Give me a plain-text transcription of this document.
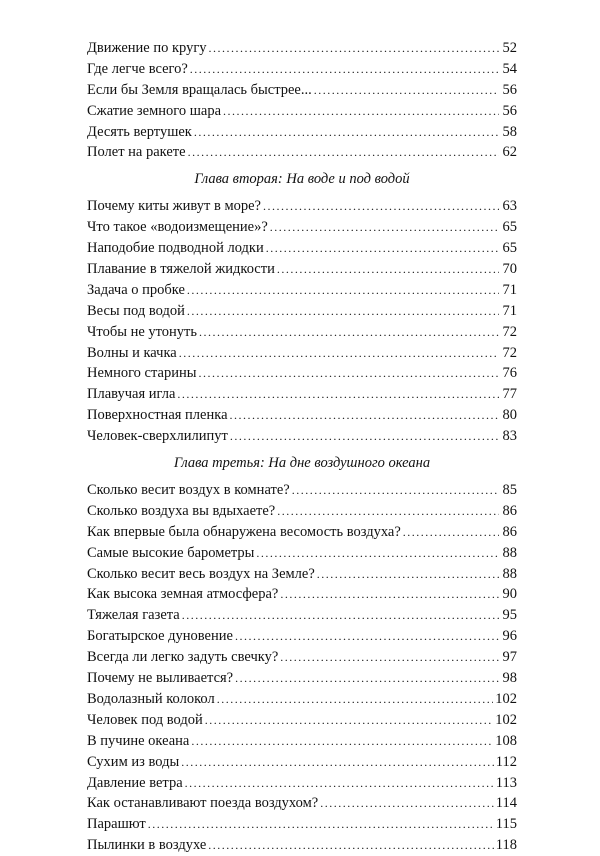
Движение по кругу .....	52
Где легче всего? .....	54
Если бы Земля вращалась быстрее... .....	56
Сжатие земного шара .....	56
Десять вертушек .....	58
Полет на ракете .....	62
Глава вторая: На воде и под водой
Почему киты живут в море? .....	63
Что такое «водоизмещение»? .....	65
Наподобие подводной лодки .....	65
Плавание в тяжелой жидкости .....	70
Задача о пробке .....	71
Весы под водой .....	71
Чтобы не утонуть .....	72
Волны и качка .....	72
Немного старины .....	76
Плавучая игла .....	77
Поверхностная пленка .....	80
Человек-сверхлилипут .....	83
Глава третья: На дне воздушного океана
Сколько весит воздух в комнате? .....	85
Сколько воздуха вы вдыхаете? .....	86
Как впервые была обнаружена весомость воздуха? .....	86
Самые высокие барометры .....	88
Сколько весит весь воздух на Земле? .....	88
Как высока земная атмосфера? .....	90
Тяжелая газета .....	95
Богатырское дуновение .....	96
Всегда ли легко задуть свечку? .....	97
Почему не выливается? .....	98
Водолазный колокол .....	102
Человек под водой .....	102
В пучине океана .....	108
Сухим из воды .....	112
Давление ветра .....	113
Как останавливают поезда воздухом? .....	114
Парашют .....	115
Пылинки в воздухе .....	118
